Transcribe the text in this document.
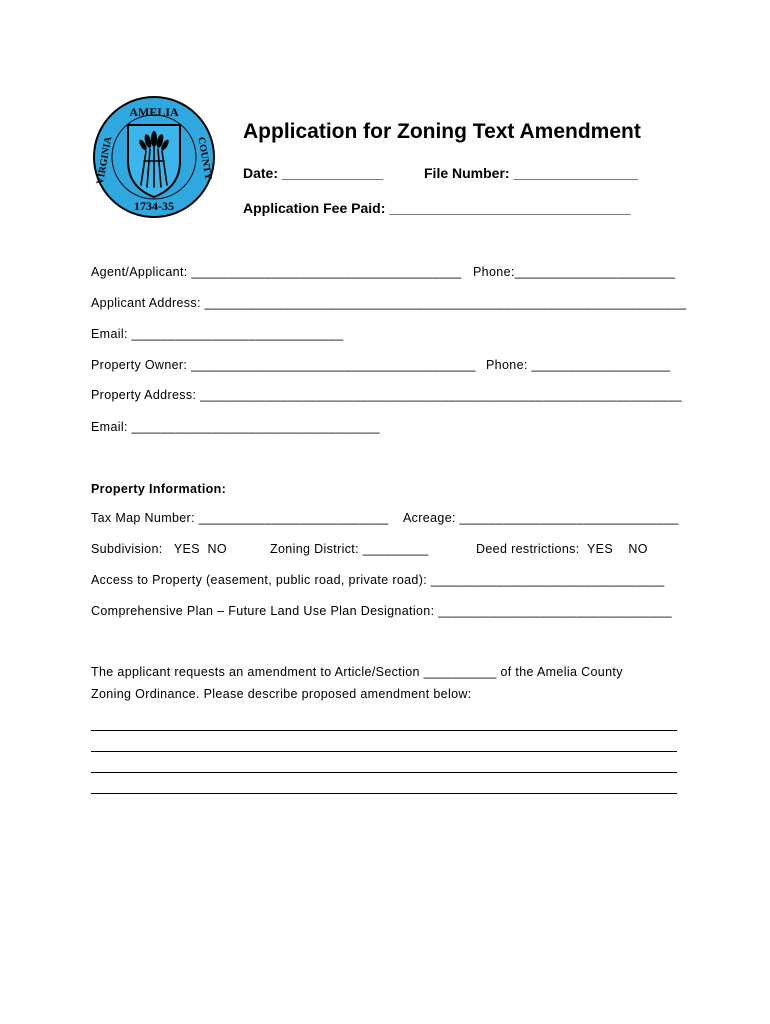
AMELIA
VIRGINIA	COUNTY
1734-35
Application for Zoning Text Amendment
Date: _____________	File Number: ________________
Application Fee Paid: _______________________________
Agent/Applicant: _____________________________________ Phone:______________________
Applicant Address: __________________________________________________________________
Email: _____________________________
Property Owner: _______________________________________ Phone: ___________________
Property Address: __________________________________________________________________
Email: __________________________________
Property Information:
Tax Map Number: __________________________ Acreage: ______________________________
Subdivision:   YES  NO	Zoning District: _________	Deed restrictions:  YES    NO
Access to Property (easement, public road, private road): ________________________________
Comprehensive Plan – Future Land Use Plan Designation: ________________________________
The applicant requests an amendment to Article/Section __________ of the Amelia County
Zoning Ordinance. Please describe proposed amendment below:
